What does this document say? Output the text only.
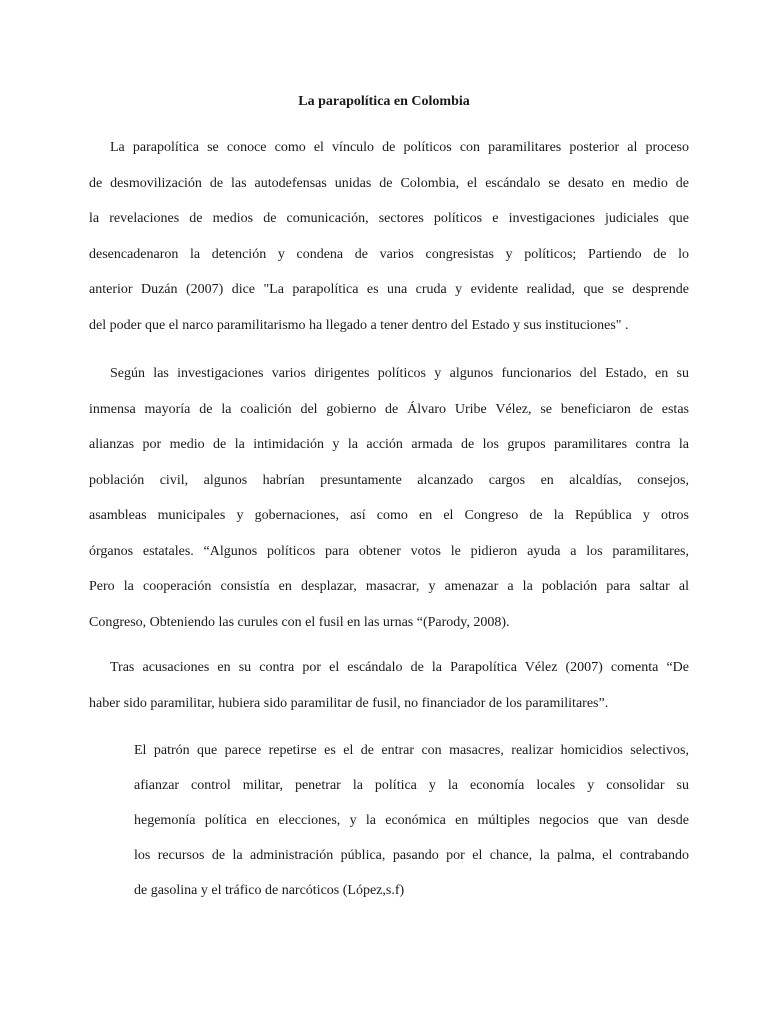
La parapolítica en Colombia
La parapolítica se conoce como el vínculo de políticos con paramilitares posterior al proceso
de desmovilización de las autodefensas unidas de Colombia, el escándalo se desato en medio de
la revelaciones de medios de comunicación, sectores políticos e investigaciones judiciales que
desencadenaron la detención y condena de varios congresistas y políticos; Partiendo de lo
anterior Duzán (2007) dice "La parapolítica es una cruda y evidente realidad, que se desprende
del poder que el narco paramilitarismo ha llegado a tener dentro del Estado y sus instituciones" .
Según las investigaciones varios dirigentes políticos y algunos funcionarios del Estado, en su
inmensa mayoría de la coalición del gobierno de Álvaro Uribe Vélez, se beneficiaron de estas
alianzas por medio de la intimidación y la acción armada de los grupos paramilitares contra la
población civil, algunos habrían presuntamente alcanzado cargos en alcaldías, consejos,
asambleas municipales y gobernaciones, así como en el Congreso de la República y otros
órganos estatales. “Algunos políticos para obtener votos le pidieron ayuda a los paramilitares,
Pero la cooperación consistía en desplazar, masacrar, y amenazar a la población para saltar al
Congreso, Obteniendo las curules con el fusil en las urnas “(Parody, 2008).
Tras acusaciones en su contra por el escándalo de la Parapolítica Vélez (2007) comenta “De
haber sido paramilitar, hubiera sido paramilitar de fusil, no financiador de los paramilitares”.
El patrón que parece repetirse es el de entrar con masacres, realizar homicidios selectivos,
afianzar control militar, penetrar la política y la economía locales y consolidar su
hegemonía política en elecciones, y la económica en múltiples negocios que van desde
los recursos de la administración pública, pasando por el chance, la palma, el contrabando
de gasolina y el tráfico de narcóticos (López,s.f)
